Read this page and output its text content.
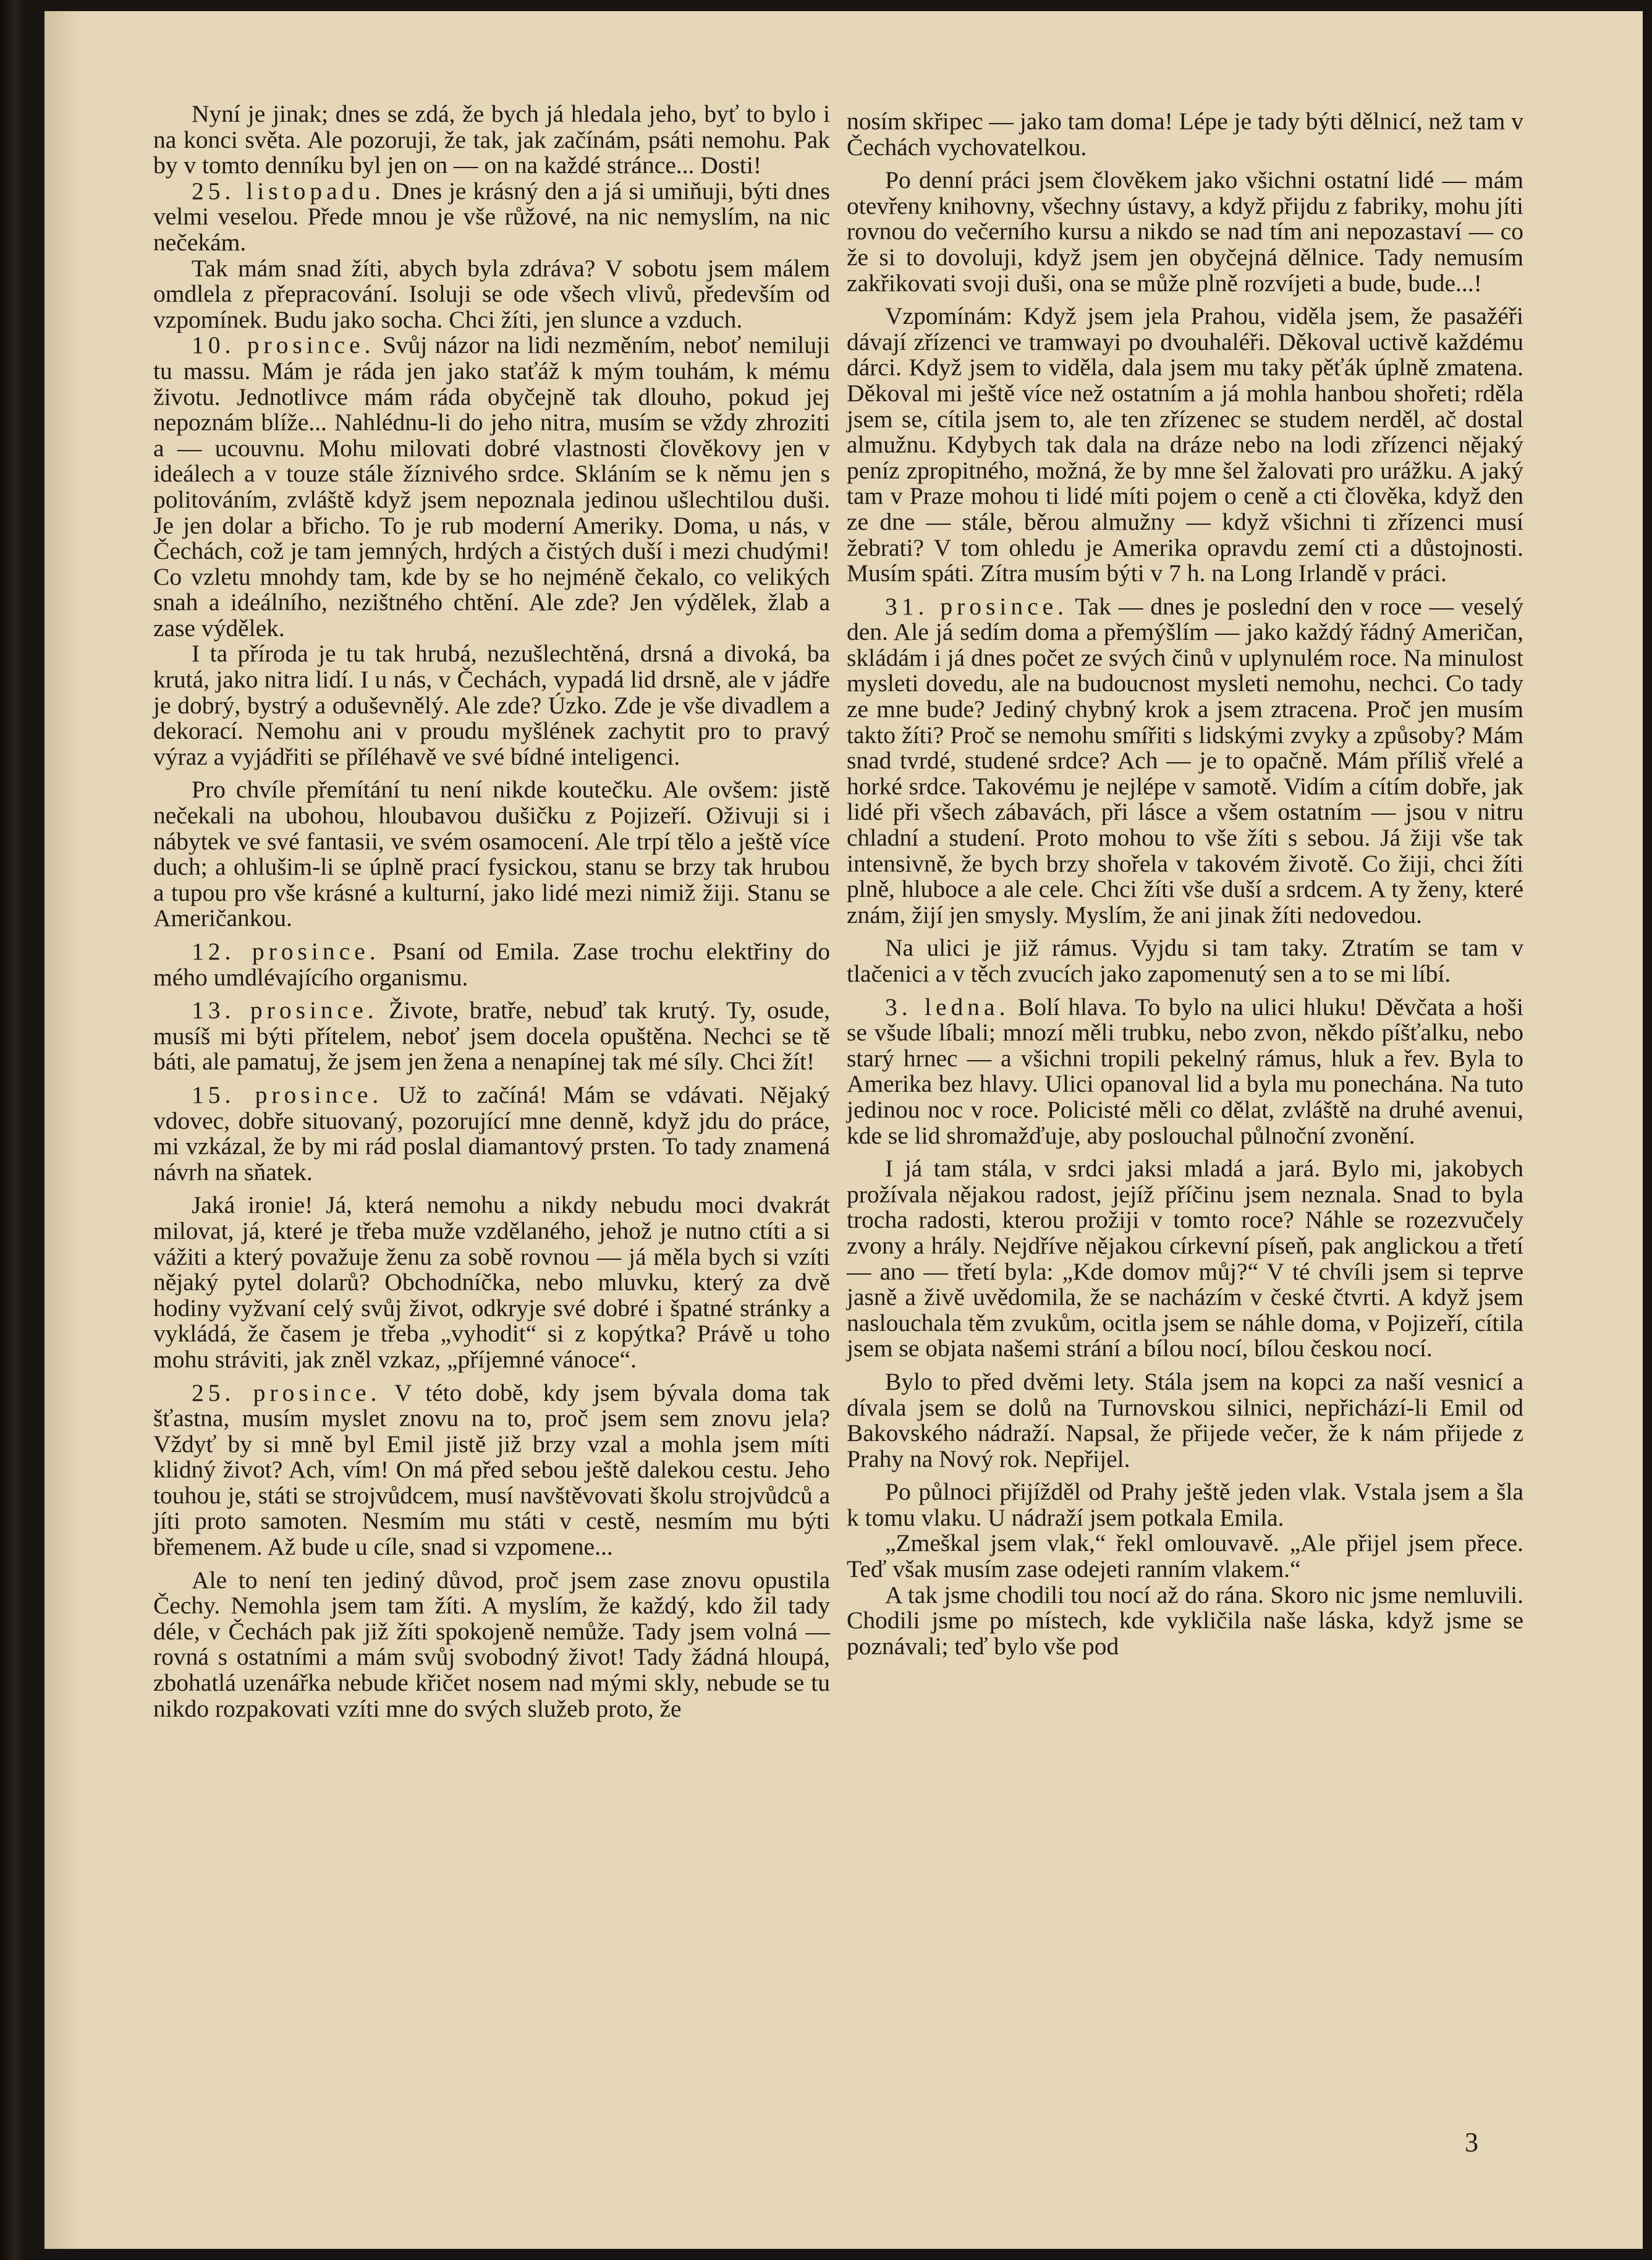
Nyní je jinak; dnes se zdá, že bych já hledala jeho, byť to bylo i na konci světa. Ale pozoruji, že tak, jak začínám, psáti nemohu. Pak by v tomto denníku byl jen on — on na každé stránce... Dosti!

25. listopadu. Dnes je krásný den a já si umiňuji, býti dnes velmi veselou. Přede mnou je vše růžové, na nic nemyslím, na nic nečekám.

Tak mám snad žíti, abych byla zdráva? V sobotu jsem málem omdlela z přepracování. Isoluji se ode všech vlivů, především od vzpomínek. Budu jako socha. Chci žíti, jen slunce a vzduch.

10. prosince. Svůj názor na lidi nezměním, neboť nemiluji tu massu. Mám je ráda jen jako staťáž k mým touhám, k mému životu. Jednotlivce mám ráda obyčejně tak dlouho, pokud jej nepoznám blíže... Nahlédnu-li do jeho nitra, musím se vždy zhroziti a — ucouvnu. Mohu milovati dobré vlastnosti člověkovy jen v ideálech a v touze stále žíznivého srdce. Skláním se k němu jen s politováním, zvláště když jsem nepoznala jedinou ušlechtilou duši. Je jen dolar a břicho. To je rub moderní Ameriky. Doma, u nás, v Čechách, což je tam jemných, hrdých a čistých duší i mezi chudými! Co vzletu mnohdy tam, kde by se ho nejméně čekalo, co velikých snah a ideálního, nezištného chtění. Ale zde? Jen výdělek, žlab a zase výdělek.

I ta příroda je tu tak hrubá, nezušlechtěná, drsná a divoká, ba krutá, jako nitra lidí. I u nás, v Čechách, vypadá lid drsně, ale v jádře je dobrý, bystrý a oduševnělý. Ale zde? Úzko. Zde je vše divadlem a dekorací. Nemohu ani v proudu myšlének zachytit pro to pravý výraz a vyjádřiti se příléhavě ve své bídné inteligenci.

Pro chvíle přemítání tu není nikde koutečku. Ale ovšem: jistě nečekali na ubohou, hloubavou dušičku z Pojizeří. Oživuji si i nábytek ve své fantasii, ve svém osamocení. Ale trpí tělo a ještě více duch; a ohlušim-li se úplně prací fysickou, stanu se brzy tak hrubou a tupou pro vše krásné a kulturní, jako lidé mezi nimiž žiji. Stanu se Američankou.

12. prosince. Psaní od Emila. Zase trochu elektřiny do mého umdlévajícího organismu.

13. prosince. Živote, bratře, nebuď tak krutý. Ty, osude, musíš mi býti přítelem, neboť jsem docela opuštěna. Nechci se tě báti, ale pamatuj, že jsem jen žena a nenapínej tak mé síly. Chci žít!

15. prosince. Už to začíná! Mám se vdávati. Nějaký vdovec, dobře situovaný, pozorující mne denně, když jdu do práce, mi vzkázal, že by mi rád poslal diamantový prsten. To tady znamená návrh na sňatek.

Jaká ironie! Já, která nemohu a nikdy nebudu moci dvakrát milovat, já, které je třeba muže vzdělaného, jehož je nutno ctíti a si vážiti a který považuje ženu za sobě rovnou — já měla bych si vzíti nějaký pytel dolarů? Obchodníčka, nebo mluvku, který za dvě hodiny vyžvaní celý svůj život, odkryje své dobré i špatné stránky a vykládá, že časem je třeba „vyhodit“ si z kopýtka? Právě u toho mohu stráviti, jak zněl vzkaz, „příjemné vánoce“.

25. prosince. V této době, kdy jsem bývala doma tak šťastna, musím myslet znovu na to, proč jsem sem znovu jela? Vždyť by si mně byl Emil jistě již brzy vzal a mohla jsem míti klidný život? Ach, vím! On má před sebou ještě dalekou cestu. Jeho touhou je, státi se strojvůdcem, musí navštěvovati školu strojvůdců a jíti proto samoten. Nesmím mu státi v cestě, nesmím mu býti břemenem. Až bude u cíle, snad si vzpomene...

Ale to není ten jediný důvod, proč jsem zase znovu opustila Čechy. Nemohla jsem tam žíti. A myslím, že každý, kdo žil tady déle, v Čechách pak již žíti spokojeně nemůže. Tady jsem volná — rovná s ostatními a mám svůj svobodný život! Tady žádná hloupá, zbohatlá uzenářka nebude křičet nosem nad mými skly, nebude se tu nikdo rozpakovati vzíti mne do svých služeb proto, že

nosím skřipec — jako tam doma! Lépe je tady býti dělnicí, než tam v Čechách vychovatelkou.

Po denní práci jsem člověkem jako všichni ostatní lidé — mám otevřeny knihovny, všechny ústavy, a když přijdu z fabriky, mohu jíti rovnou do večerního kursu a nikdo se nad tím ani nepozastaví — co že si to dovoluji, když jsem jen obyčejná dělnice. Tady nemusím zakřikovati svoji duši, ona se může plně rozvíjeti a bude, bude...!

Vzpomínám: Když jsem jela Prahou, viděla jsem, že pasažéři dávají zřízenci ve tramwayi po dvouhaléři. Děkoval uctivě každému dárci. Když jsem to viděla, dala jsem mu taky pěťák úplně zmatena. Děkoval mi ještě více než ostatním a já mohla hanbou shořeti; rděla jsem se, cítila jsem to, ale ten zřízenec se studem nerděl, ač dostal almužnu. Kdybych tak dala na dráze nebo na lodi zřízenci nějaký peníz zpropitného, možná, že by mne šel žalovati pro urážku. A jaký tam v Praze mohou ti lidé míti pojem o ceně a cti člověka, když den ze dne — stále, běrou almužny — když všichni ti zřízenci musí žebrati? V tom ohledu je Amerika opravdu zemí cti a důstojnosti. Musím spáti. Zítra musím býti v 7 h. na Long Irlandě v práci.

31. prosince. Tak — dnes je poslední den v roce — veselý den. Ale já sedím doma a přemýšlím — jako každý řádný Američan, skládám i já dnes počet ze svých činů v uplynulém roce. Na minulost mysleti dovedu, ale na budoucnost mysleti nemohu, nechci. Co tady ze mne bude? Jediný chybný krok a jsem ztracena. Proč jen musím takto žíti? Proč se nemohu smířiti s lidskými zvyky a způsoby? Mám snad tvrdé, studené srdce? Ach — je to opačně. Mám příliš vřelé a horké srdce. Takovému je nejlépe v samotě. Vidím a cítím dobře, jak lidé při všech zábavách, při lásce a všem ostatním — jsou v nitru chladní a studení. Proto mohou to vše žíti s sebou. Já žiji vše tak intensivně, že bych brzy shořela v takovém životě. Co žiji, chci žíti plně, hluboce a ale cele. Chci žíti vše duší a srdcem. A ty ženy, které znám, žijí jen smysly. Myslím, že ani jinak žíti nedovedou.

Na ulici je již rámus. Vyjdu si tam taky. Ztratím se tam v tlačenici a v těch zvucích jako zapomenutý sen a to se mi líbí.

3. ledna. Bolí hlava. To bylo na ulici hluku! Děvčata a hoši se všude líbali; mnozí měli trubku, nebo zvon, někdo píšťalku, nebo starý hrnec — a všichni tropili pekelný rámus, hluk a řev. Byla to Amerika bez hlavy. Ulici opanoval lid a byla mu ponechána. Na tuto jedinou noc v roce. Policisté měli co dělat, zvláště na druhé avenui, kde se lid shromažďuje, aby poslouchal půlnoční zvonění.

I já tam stála, v srdci jaksi mladá a jará. Bylo mi, jakobych prožívala nějakou radost, jejíž příčinu jsem neznala. Snad to byla trocha radosti, kterou prožiji v tomto roce? Náhle se rozezvučely zvony a hrály. Nejdříve nějakou církevní píseň, pak anglickou a třetí — ano — třetí byla: „Kde domov můj?“ V té chvíli jsem si teprve jasně a živě uvědomila, že se nacházím v české čtvrti. A když jsem naslouchala těm zvukům, ocitla jsem se náhle doma, v Pojizeří, cítila jsem se objata našemi strání a bílou nocí, bílou českou nocí.

Bylo to před dvěmi lety. Stála jsem na kopci za naší vesnicí a dívala jsem se dolů na Turnovskou silnici, nepřichází-li Emil od Bakovského nádraží. Napsal, že přijede večer, že k nám přijede z Prahy na Nový rok. Nepřijel.

Po půlnoci přijížděl od Prahy ještě jeden vlak. Vstala jsem a šla k tomu vlaku. U nádraží jsem potkala Emila.

„Zmeškal jsem vlak,“ řekl omlouvavě. „Ale přijel jsem přece. Teď však musím zase odejeti ranním vlakem.“

A tak jsme chodili tou nocí až do rána. Skoro nic jsme nemluvili. Chodili jsme po místech, kde vykličila naše láska, když jsme se poznávali; teď bylo vše pod

3
